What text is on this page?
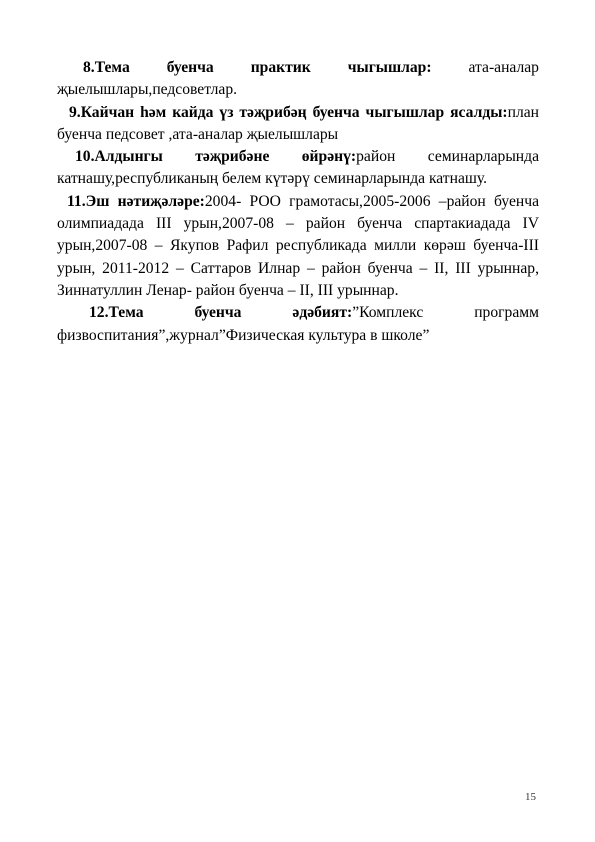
8.Тема буенча практик чыгышлар: ата-аналар җыелышлары,педсоветлар.

9.Кайчан һәм кайда үз тәҗрибәң буенча чыгышлар ясалды:план буенча педсовет ,ата-аналар җыелышлары

10.Алдынгы тәҗрибәне өйрәнү:район семинарларында катнашу,республиканың белем күтәрү семинарларында катнашу.

11.Эш нәтиҗәләре:2004- РОО грамотасы,2005-2006 –район буенча олимпиадада III урын,2007-08 – район буенча спартакиадада IV урын,2007-08 – Якупов Рафил республикада милли көрәш буенча-III урын, 2011-2012 – Саттаров Илнар – район буенча – II, III урыннар, Зиннатуллин Ленар- район буенча – II, III урыннар.

12.Тема буенча әдәбият:”Комплекс программ физвоспитания”,журнал”Физическая культура в школе”

15
